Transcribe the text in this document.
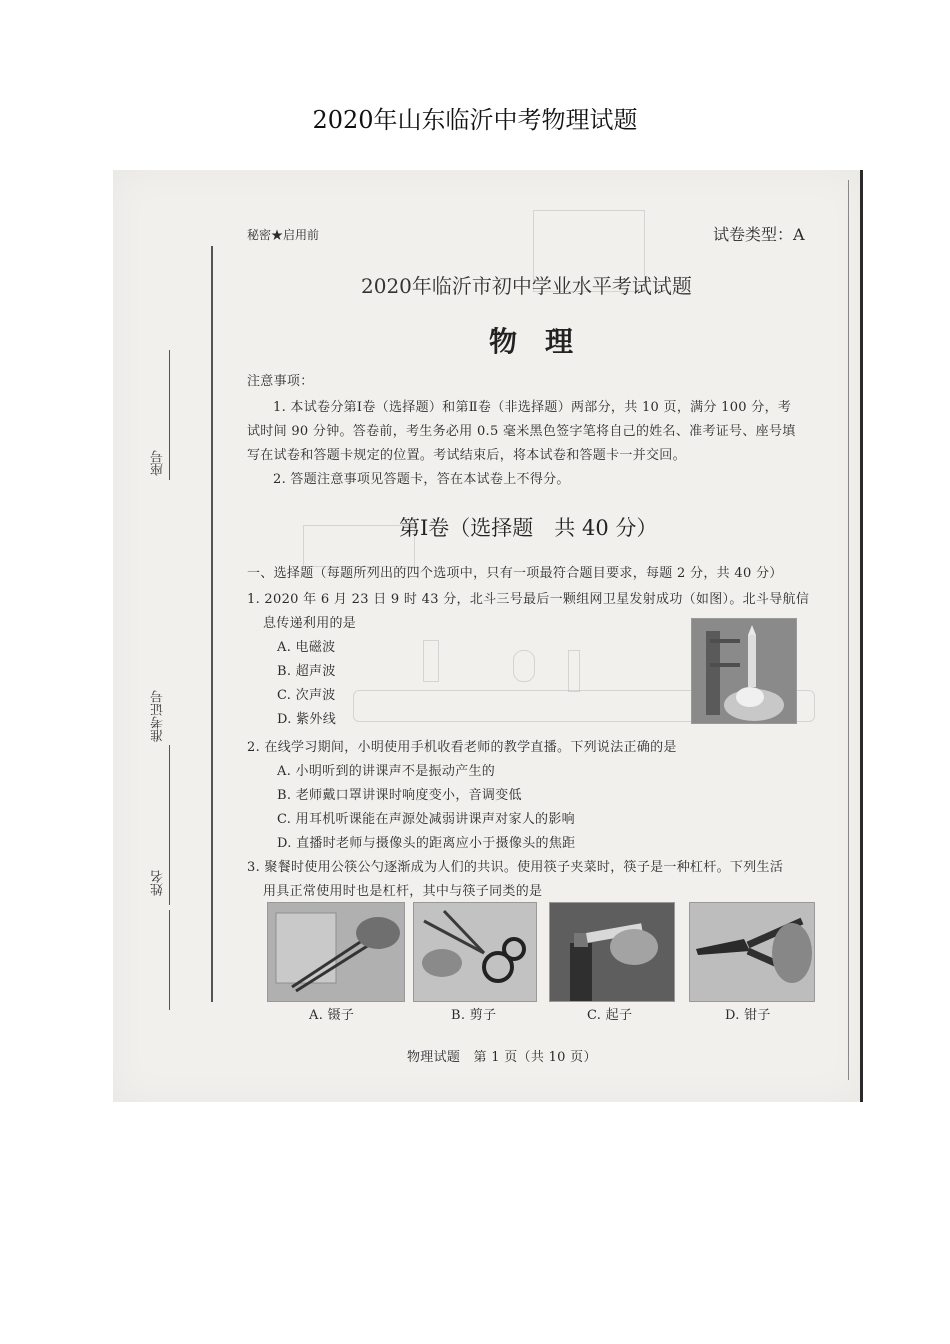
2020年山东临沂中考物理试题
座号
准考证号
姓名
秘密★启用前	试卷类型：A
2020年临沂市初中学业水平考试试题
物　理
注意事项：
1. 本试卷分第Ⅰ卷（选择题）和第Ⅱ卷（非选择题）两部分，共 10 页，满分 100 分，考
试时间 90 分钟。答卷前，考生务必用 0.5 毫米黑色签字笔将自己的姓名、准考证号、座号填
写在试卷和答题卡规定的位置。考试结束后，将本试卷和答题卡一并交回。
2. 答题注意事项见答题卡，答在本试卷上不得分。
第Ⅰ卷（选择题　共 40 分）
一、选择题（每题所列出的四个选项中，只有一项最符合题目要求，每题 2 分，共 40 分）
1. 2020 年 6 月 23 日 9 时 43 分，北斗三号最后一颗组网卫星发射成功（如图）。北斗导航信
息传递利用的是
A. 电磁波
B. 超声波
C. 次声波
D. 紫外线
2. 在线学习期间，小明使用手机收看老师的教学直播。下列说法正确的是
A. 小明听到的讲课声不是振动产生的
B. 老师戴口罩讲课时响度变小，音调变低
C. 用耳机听课能在声源处减弱讲课声对家人的影响
D. 直播时老师与摄像头的距离应小于摄像头的焦距
3. 聚餐时使用公筷公勺逐渐成为人们的共识。使用筷子夹菜时，筷子是一种杠杆。下列生活
用具正常使用时也是杠杆，其中与筷子同类的是
A. 镊子	B. 剪子	C. 起子	D. 钳子
物理试题　第 1 页（共 10 页）
